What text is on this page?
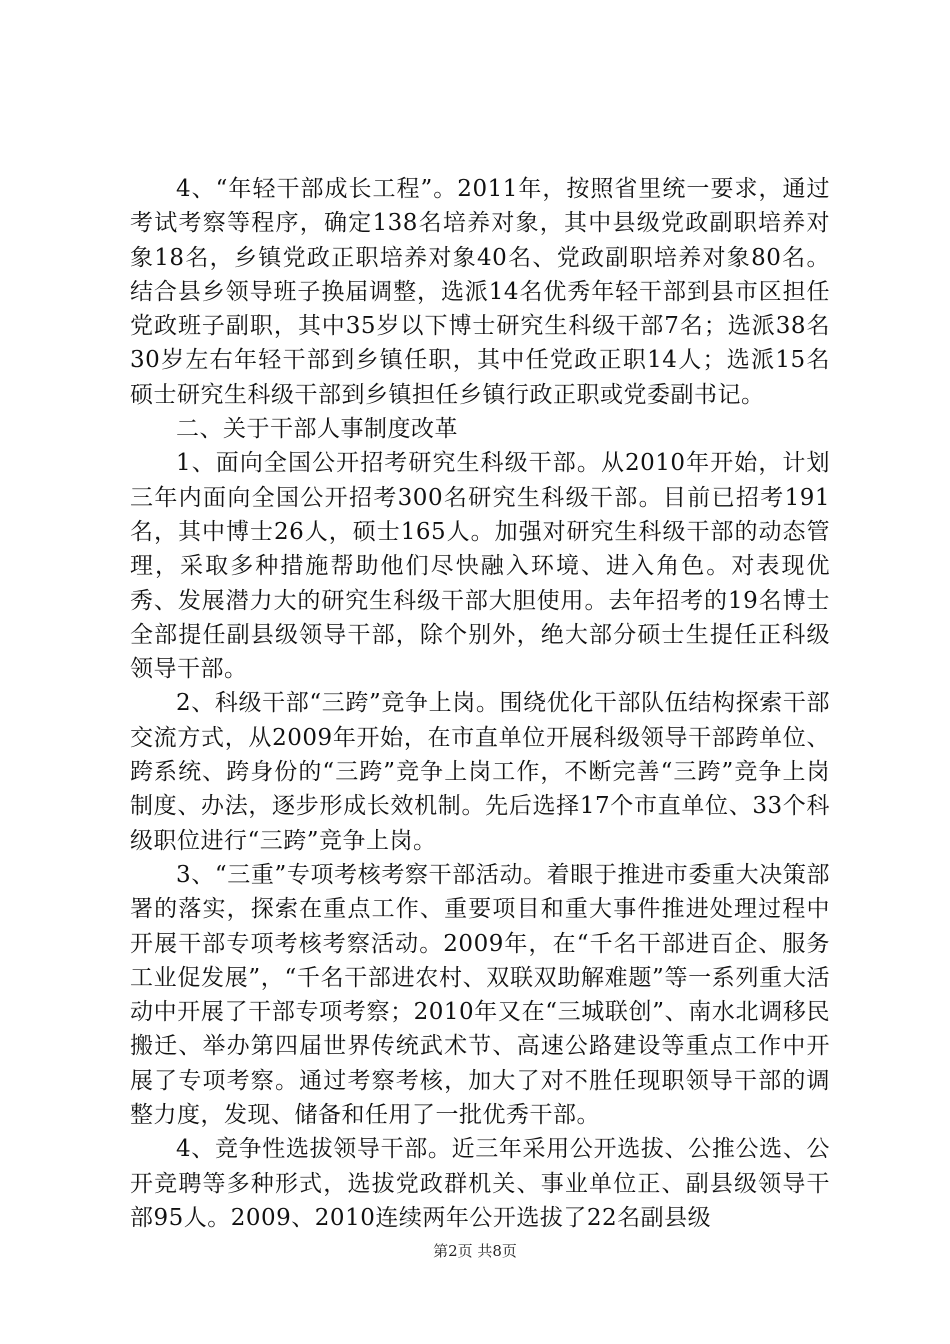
4、“年轻干部成长工程”。2011年，按照省里统一要求，通过考试考察等程序，确定138名培养对象，其中县级党政副职培养对象18名，乡镇党政正职培养对象40名、党政副职培养对象80名。结合县乡领导班子换届调整，选派14名优秀年轻干部到县市区担任党政班子副职，其中35岁以下博士研究生科级干部7名；选派38名30岁左右年轻干部到乡镇任职，其中任党政正职14人；选派15名硕士研究生科级干部到乡镇担任乡镇行政正职或党委副书记。

二、关于干部人事制度改革

1、面向全国公开招考研究生科级干部。从2010年开始，计划三年内面向全国公开招考300名研究生科级干部。目前已招考191名，其中博士26人，硕士165人。加强对研究生科级干部的动态管理，采取多种措施帮助他们尽快融入环境、进入角色。对表现优秀、发展潜力大的研究生科级干部大胆使用。去年招考的19名博士全部提任副县级领导干部，除个别外，绝大部分硕士生提任正科级领导干部。

2、科级干部“三跨”竞争上岗。围绕优化干部队伍结构探索干部交流方式，从2009年开始，在市直单位开展科级领导干部跨单位、跨系统、跨身份的“三跨”竞争上岗工作，不断完善“三跨”竞争上岗制度、办法，逐步形成长效机制。先后选择17个市直单位、33个科级职位进行“三跨”竞争上岗。

3、“三重”专项考核考察干部活动。着眼于推进市委重大决策部署的落实，探索在重点工作、重要项目和重大事件推进处理过程中开展干部专项考核考察活动。2009年，在“千名干部进百企、服务工业促发展”，“千名干部进农村、双联双助解难题”等一系列重大活动中开展了干部专项考察；2010年又在“三城联创”、南水北调移民搬迁、举办第四届世界传统武术节、高速公路建设等重点工作中开展了专项考察。通过考察考核，加大了对不胜任现职领导干部的调整力度，发现、储备和任用了一批优秀干部。

4、竞争性选拔领导干部。近三年采用公开选拔、公推公选、公开竞聘等多种形式，选拔党政群机关、事业单位正、副县级领导干部95人。2009、2010连续两年公开选拔了22名副县级

第2页 共8页
